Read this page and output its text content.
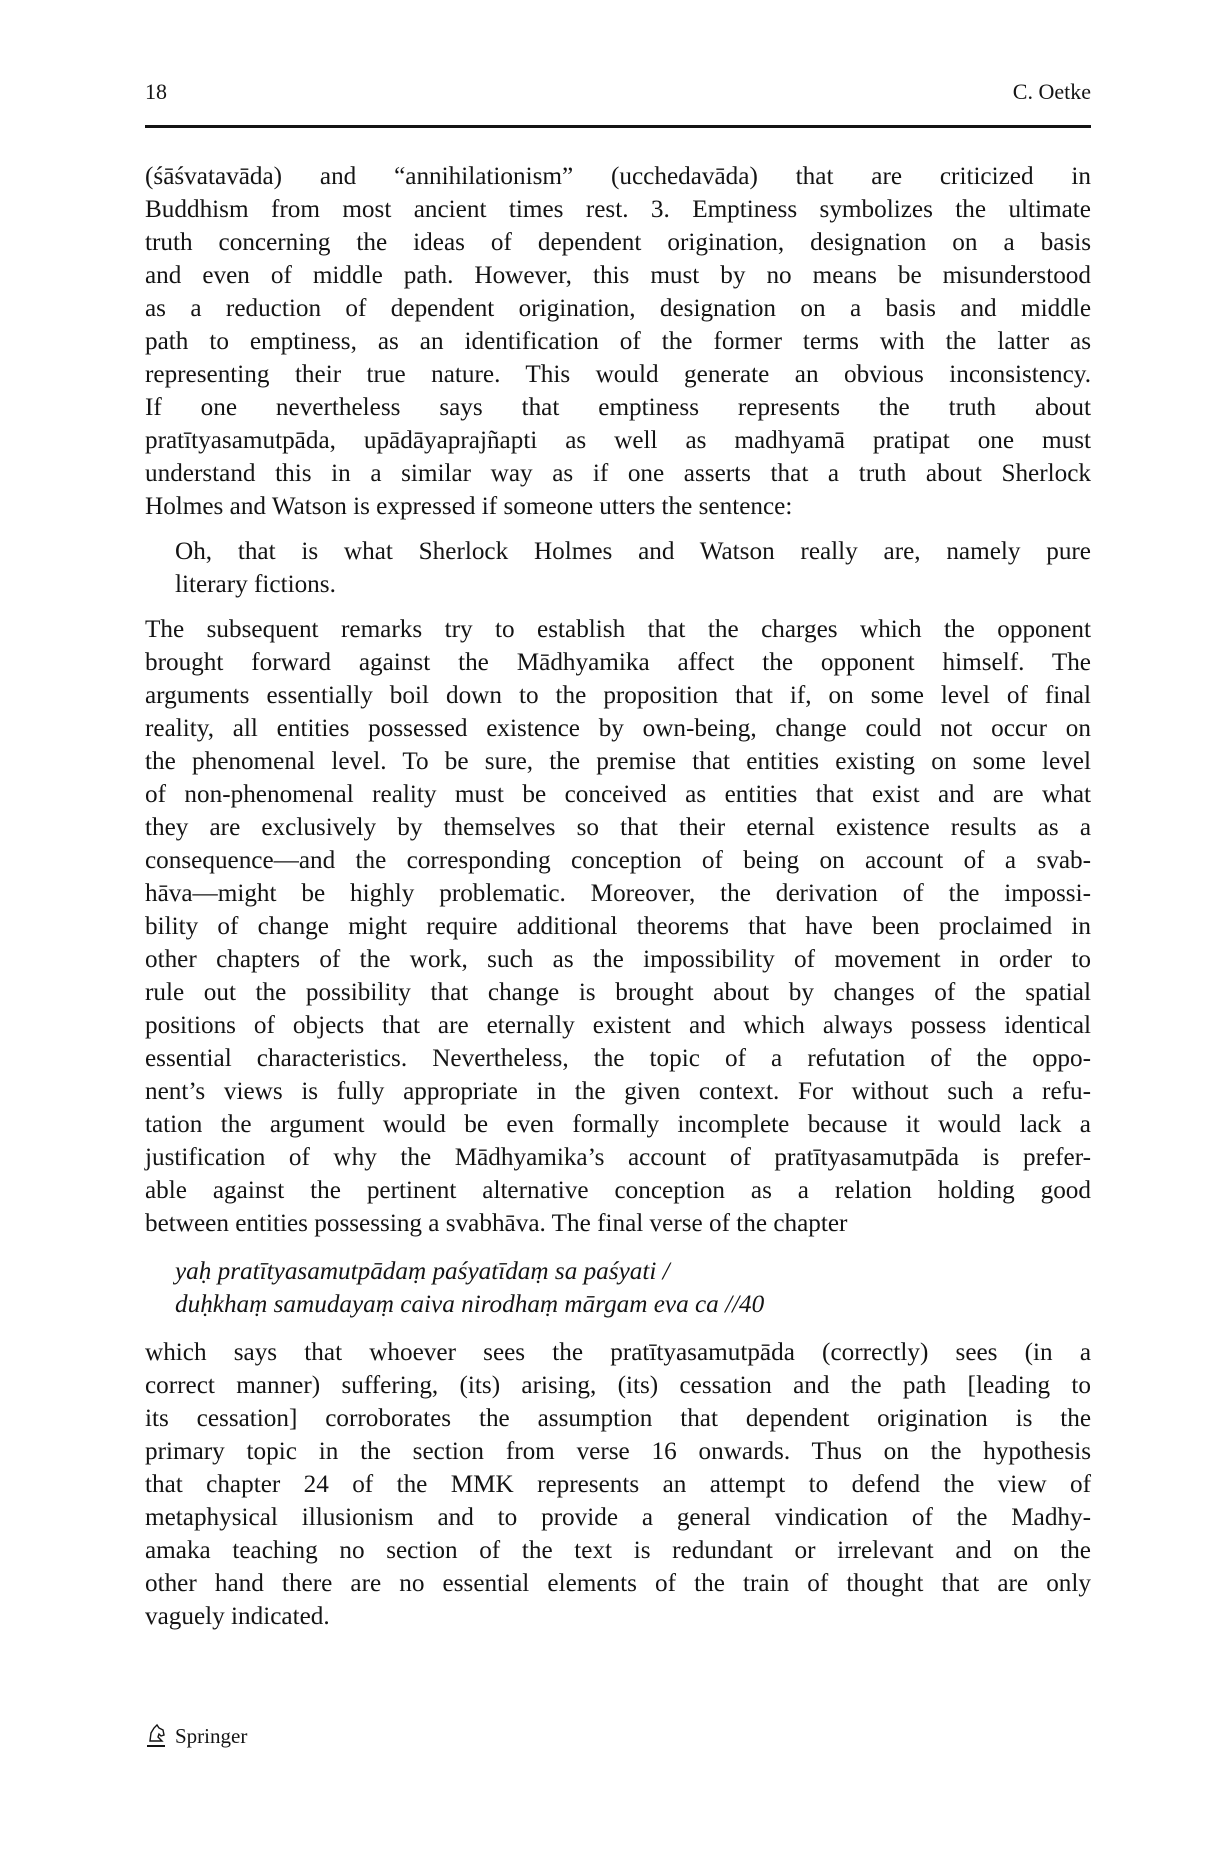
18	C. Oetke
(śāśvatavāda) and “annihilationism” (ucchedavāda) that are criticized in
Buddhism from most ancient times rest. 3. Emptiness symbolizes the ultimate
truth concerning the ideas of dependent origination, designation on a basis
and even of middle path. However, this must by no means be misunderstood
as a reduction of dependent origination, designation on a basis and middle
path to emptiness, as an identification of the former terms with the latter as
representing their true nature. This would generate an obvious inconsistency.
If one nevertheless says that emptiness represents the truth about
pratītyasamutpāda, upādāyaprajñapti as well as madhyamā pratipat one must
understand this in a similar way as if one asserts that a truth about Sherlock
Holmes and Watson is expressed if someone utters the sentence:
Oh, that is what Sherlock Holmes and Watson really are, namely pure
literary fictions.
The subsequent remarks try to establish that the charges which the opponent
brought forward against the Mādhyamika affect the opponent himself. The
arguments essentially boil down to the proposition that if, on some level of final
reality, all entities possessed existence by own-being, change could not occur on
the phenomenal level. To be sure, the premise that entities existing on some level
of non-phenomenal reality must be conceived as entities that exist and are what
they are exclusively by themselves so that their eternal existence results as a
consequence—and the corresponding conception of being on account of a svab-
hāva—might be highly problematic. Moreover, the derivation of the impossi-
bility of change might require additional theorems that have been proclaimed in
other chapters of the work, such as the impossibility of movement in order to
rule out the possibility that change is brought about by changes of the spatial
positions of objects that are eternally existent and which always possess identical
essential characteristics. Nevertheless, the topic of a refutation of the oppo-
nent’s views is fully appropriate in the given context. For without such a refu-
tation the argument would be even formally incomplete because it would lack a
justification of why the Mādhyamika’s account of pratītyasamutpāda is prefer-
able against the pertinent alternative conception as a relation holding good
between entities possessing a svabhāva. The final verse of the chapter
yaḥ pratītyasamutpādaṃ paśyatīdaṃ sa paśyati /
duḥkhaṃ samudayaṃ caiva nirodhaṃ mārgam eva ca //40
which says that whoever sees the pratītyasamutpāda (correctly) sees (in a
correct manner) suffering, (its) arising, (its) cessation and the path [leading to
its cessation] corroborates the assumption that dependent origination is the
primary topic in the section from verse 16 onwards. Thus on the hypothesis
that chapter 24 of the MMK represents an attempt to defend the view of
metaphysical illusionism and to provide a general vindication of the Madhy-
amaka teaching no section of the text is redundant or irrelevant and on the
other hand there are no essential elements of the train of thought that are only
vaguely indicated.
Springer
